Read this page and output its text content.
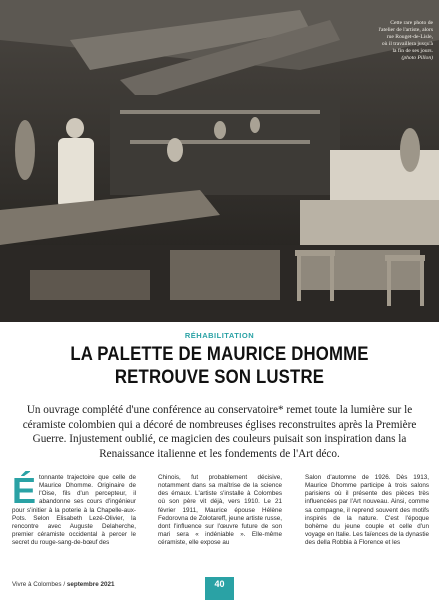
Cette rare photo de
l'atelier de l'artiste, alors
rue Rouget-de-Lisle,
où il travaillera jusqu'à
la fin de ses jours.
(photo Pillon)
RÉHABILITATION
LA PALETTE DE MAURICE DHOMME
RETROUVE SON LUSTRE
Un ouvrage complété d'une conférence au conservatoire* remet toute la lumière sur le céramiste colombien qui a décoré de nombreuses églises reconstruites après la Première Guerre. Injustement oublié, ce magicien des couleurs puisait son inspiration dans la Renaissance italienne et les fondements de l'Art déco.
Étonnante trajectoire que celle de Maurice Dhomme. Originaire de l'Oise, fils d'un percepteur, il abandonne ses cours d'ingénieur pour s'initier à la poterie à la Chapelle-aux-Pots. Selon Elisabeth Lezé-Olivier, la rencontre avec Auguste Delaherche, premier céramiste occidental à percer le secret du rouge-sang-de-bœuf des
Chinois, fut probablement décisive, notamment dans sa maîtrise de la science des émaux. L'artiste s'installe à Colombes où son père vit déjà, vers 1910. Le 21 février 1911, Maurice épouse Hélène Fedorovna de Zolotareff, jeune artiste russe, dont l'influence sur l'œuvre future de son mari sera « indéniable ». Elle-même céramiste, elle expose au
Salon d'automne de 1926. Dès 1913, Maurice Dhomme participe à trois salons parisiens où il présente des pièces très influencées par l'Art nouveau. Ainsi, comme sa compagne, il reprend souvent des motifs inspirés de la nature. C'est l'époque bohème du jeune couple et celle d'un voyage en Italie. Les faïences de la dynastie des della Robbia à Florence et les
Vivre à Colombes / septembre 2021	40
